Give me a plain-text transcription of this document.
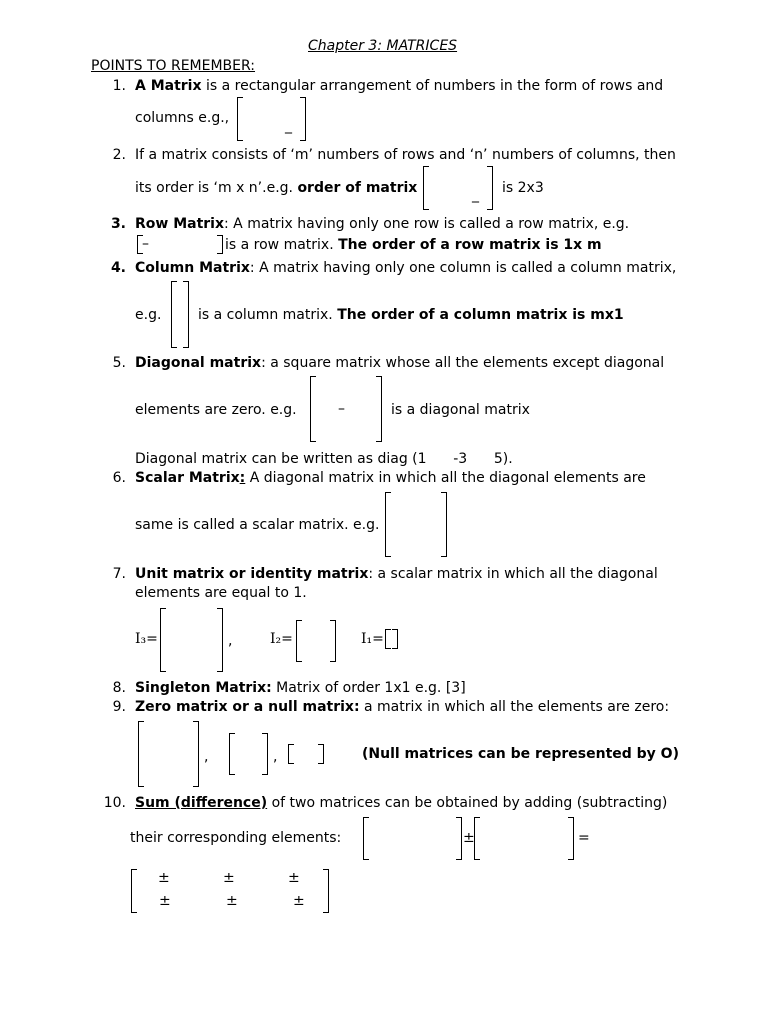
Chapter 3: MATRICES
POINTS TO REMEMBER:
1. A Matrix is a rectangular arrangement of numbers in the form of rows and
columns e.g.,	_
2. If a matrix consists of ‘m’ numbers of rows and ‘n’ numbers of columns, then
its order is ‘m x n’.e.g. order of matrix	_ is 2x3
3. Row Matrix: A matrix having only one row is called a row matrix, e.g.
–	is a row matrix. The order of a row matrix is 1x m
4. Column Matrix: A matrix having only one column is called a column matrix,
e.g.	is a column matrix. The order of a column matrix is mx1
5. Diagonal matrix: a square matrix whose all the elements except diagonal
elements are zero. e.g.	–	is a diagonal matrix
Diagonal matrix can be written as diag (1      -3      5).
6. Scalar Matrix: A diagonal matrix in which all the diagonal elements are
same is called a scalar matrix. e.g.
7. Unit matrix or identity matrix: a scalar matrix in which all the diagonal
elements are equal to 1.
I₃=	,	I₂=	I₁=
8. Singleton Matrix: Matrix of order 1x1 e.g. [3]
9. Zero matrix or a null matrix: a matrix in which all the elements are zero:
,	,	(Null matrices can be represented by O)
10. Sum (difference) of two matrices can be obtained by adding (subtracting)
their corresponding elements:	±	=
±	±	±
±	±	±
